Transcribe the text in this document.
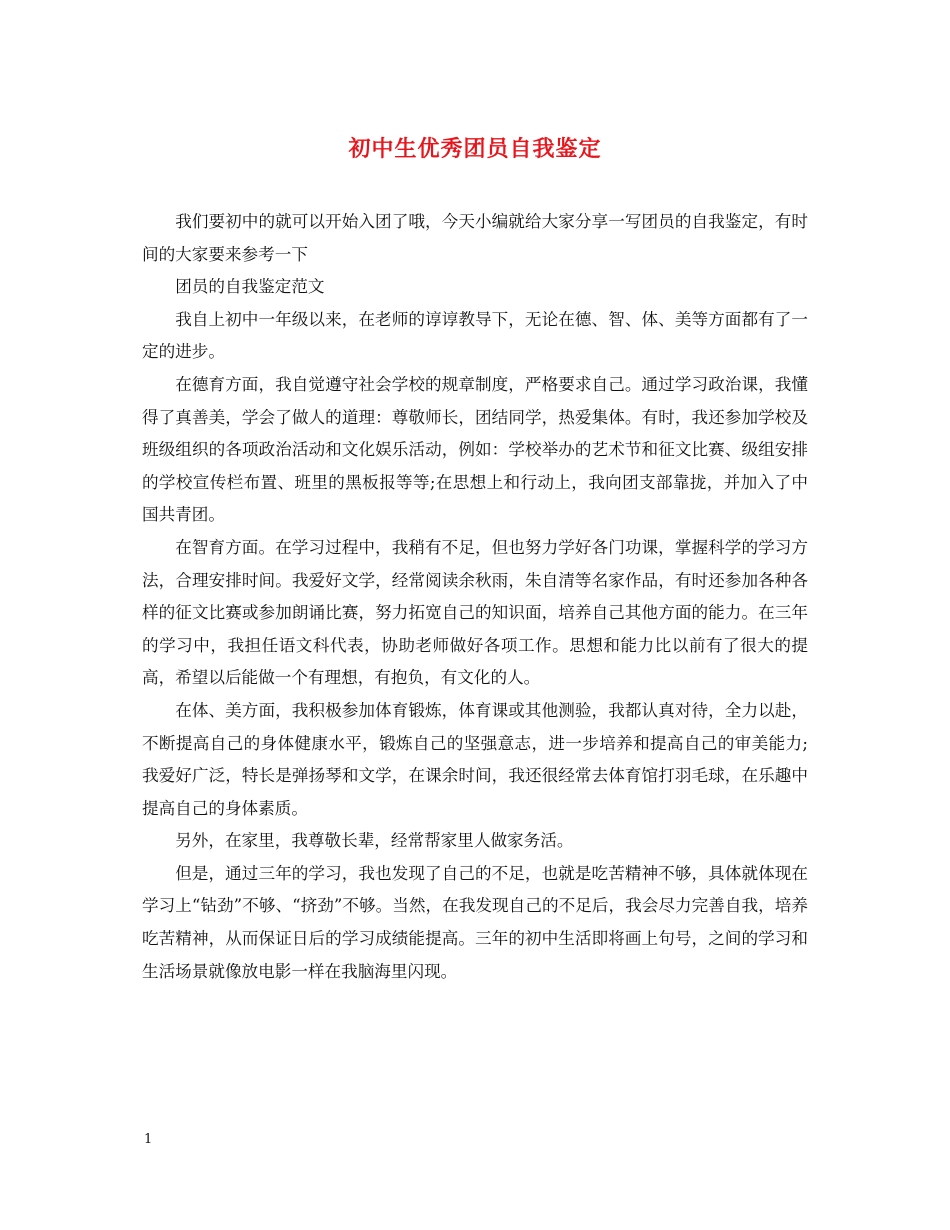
初中生优秀团员自我鉴定

我们要初中的就可以开始入团了哦，今天小编就给大家分享一写团员的自我鉴定，有时间的大家要来参考一下

团员的自我鉴定范文

我自上初中一年级以来，在老师的谆谆教导下，无论在德、智、体、美等方面都有了一定的进步。

在德育方面，我自觉遵守社会学校的规章制度，严格要求自己。通过学习政治课，我懂得了真善美，学会了做人的道理：尊敬师长，团结同学，热爱集体。有时，我还参加学校及班级组织的各项政治活动和文化娱乐活动，例如：学校举办的艺术节和征文比赛、级组安排的学校宣传栏布置、班里的黑板报等等;在思想上和行动上，我向团支部靠拢，并加入了中国共青团。

在智育方面。在学习过程中，我稍有不足，但也努力学好各门功课，掌握科学的学习方法，合理安排时间。我爱好文学，经常阅读余秋雨，朱自清等名家作品，有时还参加各种各样的征文比赛或参加朗诵比赛，努力拓宽自己的知识面，培养自己其他方面的能力。在三年的学习中，我担任语文科代表，协助老师做好各项工作。思想和能力比以前有了很大的提高，希望以后能做一个有理想，有抱负，有文化的人。

在体、美方面，我积极参加体育锻炼，体育课或其他测验，我都认真对待，全力以赴，不断提高自己的身体健康水平，锻炼自己的坚强意志，进一步培养和提高自己的审美能力;我爱好广泛，特长是弹扬琴和文学，在课余时间，我还很经常去体育馆打羽毛球，在乐趣中提高自己的身体素质。

另外，在家里，我尊敬长辈，经常帮家里人做家务活。

但是，通过三年的学习，我也发现了自己的不足，也就是吃苦精神不够，具体就体现在学习上“钻劲”不够、“挤劲”不够。当然，在我发现自己的不足后，我会尽力完善自我，培养吃苦精神，从而保证日后的学习成绩能提高。三年的初中生活即将画上句号，之间的学习和生活场景就像放电影一样在我脑海里闪现。

1
